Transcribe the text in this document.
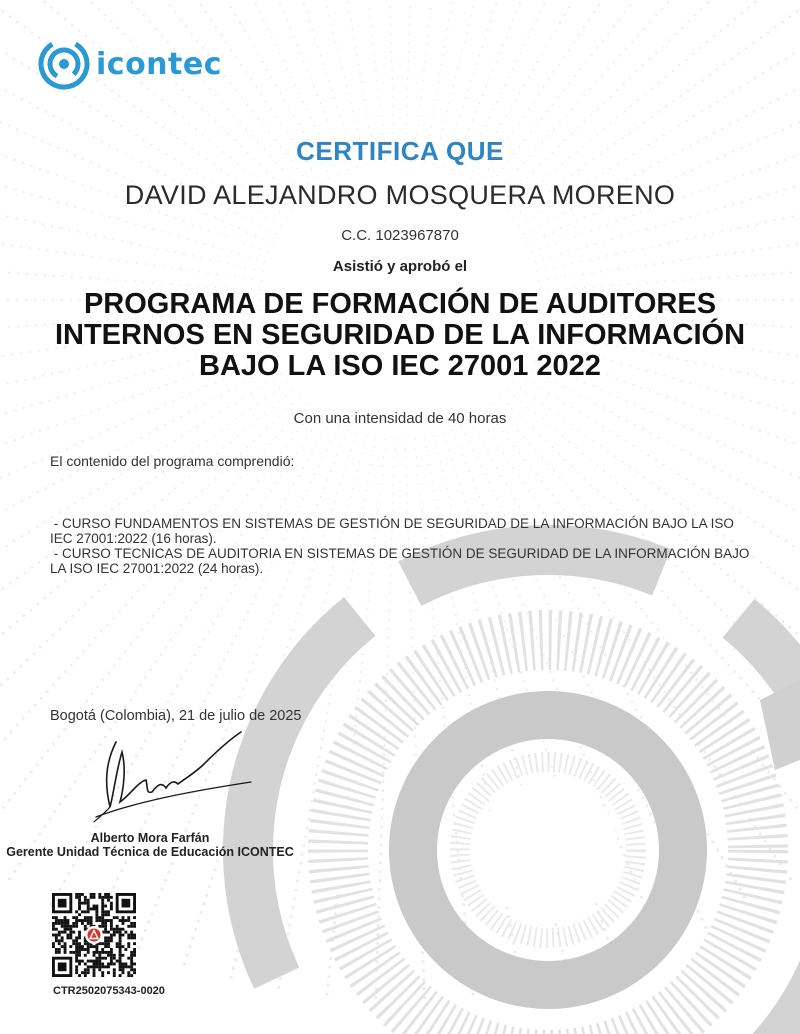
icontec
CERTIFICA QUE
DAVID ALEJANDRO MOSQUERA MORENO
C.C. 1023967870
Asistió y aprobó el
PROGRAMA DE FORMACIÓN DE AUDITORES
INTERNOS EN SEGURIDAD DE LA INFORMACIÓN
BAJO LA ISO IEC 27001 2022
Con una intensidad de 40 horas
El contenido del programa comprendió:

- CURSO FUNDAMENTOS EN SISTEMAS DE GESTIÓN DE SEGURIDAD DE LA INFORMACIÓN BAJO LA ISO

IEC 27001:2022 (16 horas).

- CURSO TECNICAS DE AUDITORIA EN SISTEMAS DE GESTIÓN DE SEGURIDAD DE LA INFORMACIÓN BAJO

LA ISO IEC 27001:2022 (24 horas).

Bogotá (Colombia), 21 de julio de 2025
Alberto Mora Farfán
Gerente Unidad Técnica de Educación ICONTEC
CTR2502075343-0020
